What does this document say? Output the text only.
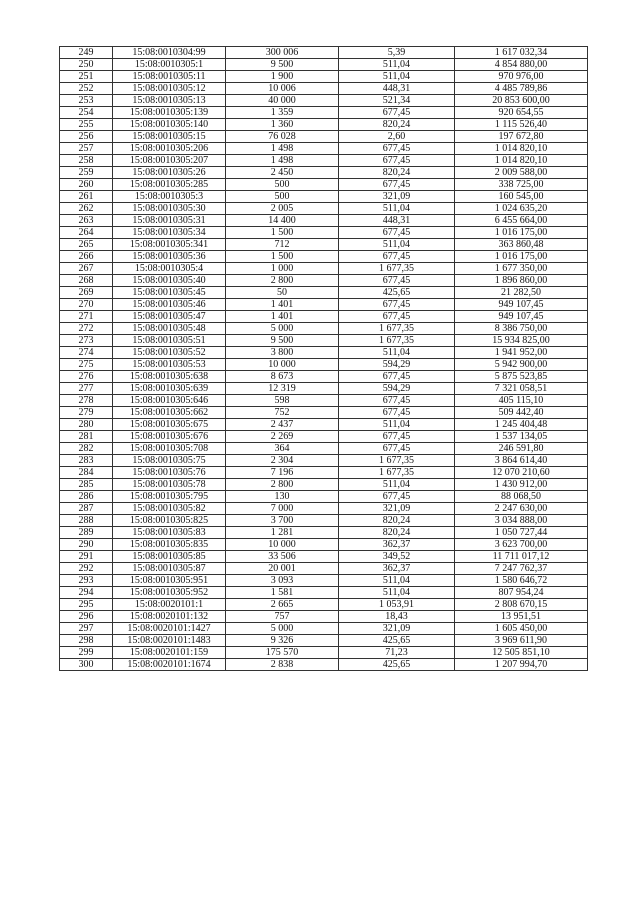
249	15:08:0010304:99	300 006	5,39	1 617 032,34
250	15:08:0010305:1	9 500	511,04	4 854 880,00
251	15:08:0010305:11	1 900	511,04	970 976,00
252	15:08:0010305:12	10 006	448,31	4 485 789,86
253	15:08:0010305:13	40 000	521,34	20 853 600,00
254	15:08:0010305:139	1 359	677,45	920 654,55
255	15:08:0010305:140	1 360	820,24	1 115 526,40
256	15:08:0010305:15	76 028	2,60	197 672,80
257	15:08:0010305:206	1 498	677,45	1 014 820,10
258	15:08:0010305:207	1 498	677,45	1 014 820,10
259	15:08:0010305:26	2 450	820,24	2 009 588,00
260	15:08:0010305:285	500	677,45	338 725,00
261	15:08:0010305:3	500	321,09	160 545,00
262	15:08:0010305:30	2 005	511,04	1 024 635,20
263	15:08:0010305:31	14 400	448,31	6 455 664,00
264	15:08:0010305:34	1 500	677,45	1 016 175,00
265	15:08:0010305:341	712	511,04	363 860,48
266	15:08:0010305:36	1 500	677,45	1 016 175,00
267	15:08:0010305:4	1 000	1 677,35	1 677 350,00
268	15:08:0010305:40	2 800	677,45	1 896 860,00
269	15:08:0010305:45	50	425,65	21 282,50
270	15:08:0010305:46	1 401	677,45	949 107,45
271	15:08:0010305:47	1 401	677,45	949 107,45
272	15:08:0010305:48	5 000	1 677,35	8 386 750,00
273	15:08:0010305:51	9 500	1 677,35	15 934 825,00
274	15:08:0010305:52	3 800	511,04	1 941 952,00
275	15:08:0010305:53	10 000	594,29	5 942 900,00
276	15:08:0010305:638	8 673	677,45	5 875 523,85
277	15:08:0010305:639	12 319	594,29	7 321 058,51
278	15:08:0010305:646	598	677,45	405 115,10
279	15:08:0010305:662	752	677,45	509 442,40
280	15:08:0010305:675	2 437	511,04	1 245 404,48
281	15:08:0010305:676	2 269	677,45	1 537 134,05
282	15:08:0010305:708	364	677,45	246 591,80
283	15:08:0010305:75	2 304	1 677,35	3 864 614,40
284	15:08:0010305:76	7 196	1 677,35	12 070 210,60
285	15:08:0010305:78	2 800	511,04	1 430 912,00
286	15:08:0010305:795	130	677,45	88 068,50
287	15:08:0010305:82	7 000	321,09	2 247 630,00
288	15:08:0010305:825	3 700	820,24	3 034 888,00
289	15:08:0010305:83	1 281	820,24	1 050 727,44
290	15:08:0010305:835	10 000	362,37	3 623 700,00
291	15:08:0010305:85	33 506	349,52	11 711 017,12
292	15:08:0010305:87	20 001	362,37	7 247 762,37
293	15:08:0010305:951	3 093	511,04	1 580 646,72
294	15:08:0010305:952	1 581	511,04	807 954,24
295	15:08:0020101:1	2 665	1 053,91	2 808 670,15
296	15:08:0020101:132	757	18,43	13 951,51
297	15:08:0020101:1427	5 000	321,09	1 605 450,00
298	15:08:0020101:1483	9 326	425,65	3 969 611,90
299	15:08:0020101:159	175 570	71,23	12 505 851,10
300	15:08:0020101:1674	2 838	425,65	1 207 994,70
